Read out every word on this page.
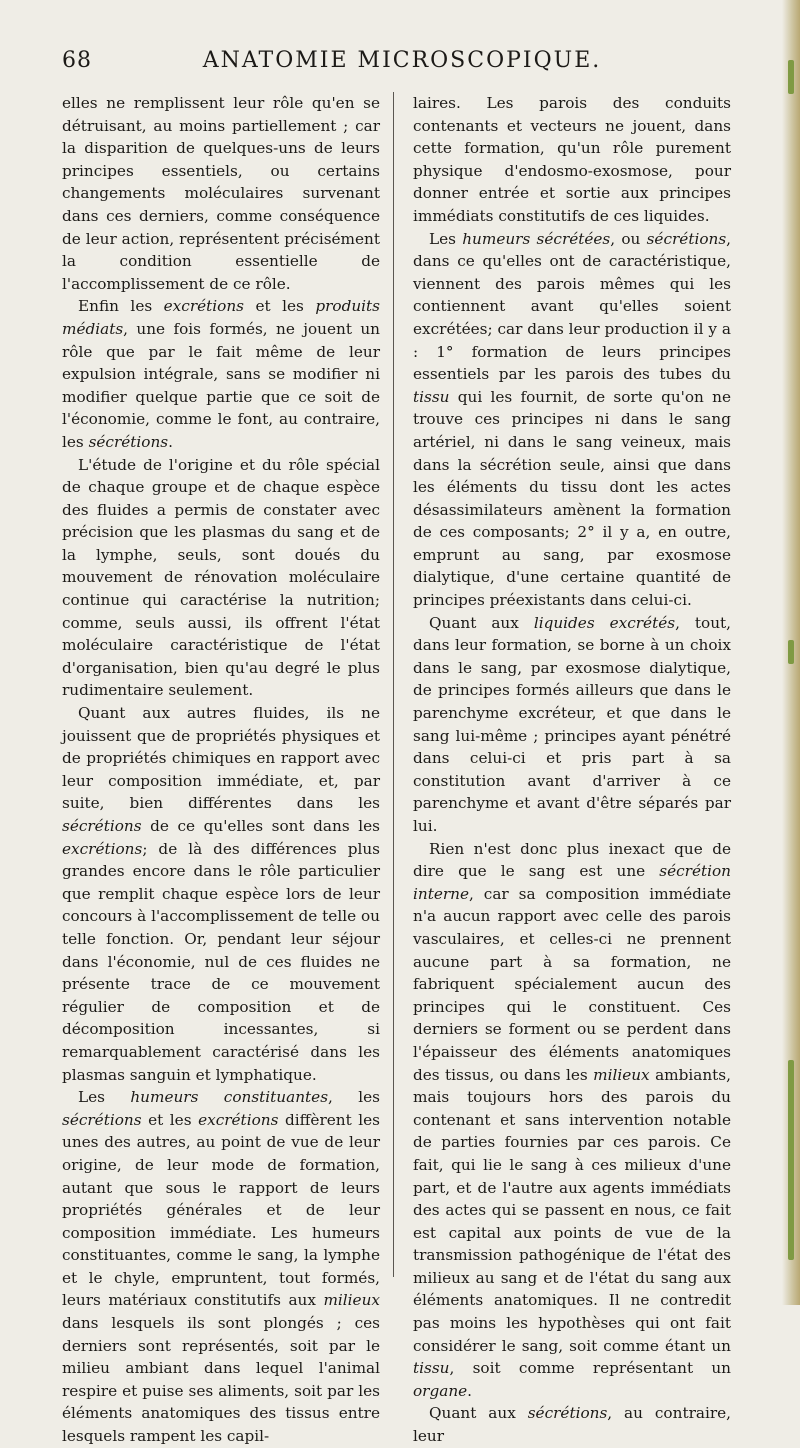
68	ANATOMIE MICROSCOPIQUE.

elles ne remplissent leur rôle qu'en se détruisant, au moins partiellement ; car la disparition de quelques-uns de leurs principes essentiels, ou certains changements moléculaires survenant dans ces derniers, comme conséquence de leur action, représentent précisément la condition essentielle de l'accomplissement de ce rôle.

Enfin les excrétions et les produits médiats, une fois formés, ne jouent un rôle que par le fait même de leur expulsion intégrale, sans se modifier ni modifier quelque partie que ce soit de l'économie, comme le font, au contraire, les sécrétions.

L'étude de l'origine et du rôle spécial de chaque groupe et de chaque espèce des fluides a permis de constater avec précision que les plasmas du sang et de la lymphe, seuls, sont doués du mouvement de rénovation moléculaire continue qui caractérise la nutrition; comme, seuls aussi, ils offrent l'état moléculaire caractéristique de l'état d'organisation, bien qu'au degré le plus rudimentaire seulement.

Quant aux autres fluides, ils ne jouissent que de propriétés physiques et de propriétés chimiques en rapport avec leur composition immédiate, et, par suite, bien différentes dans les sécrétions de ce qu'elles sont dans les excrétions; de là des différences plus grandes encore dans le rôle particulier que remplit chaque espèce lors de leur concours à l'accomplissement de telle ou telle fonction. Or, pendant leur séjour dans l'économie, nul de ces fluides ne présente trace de ce mouvement régulier de composition et de décomposition incessantes, si remarquablement caractérisé dans les plasmas sanguin et lymphatique.

Les humeurs constituantes, les sécrétions et les excrétions diffèrent les unes des autres, au point de vue de leur origine, de leur mode de formation, autant que sous le rapport de leurs propriétés générales et de leur composition immédiate. Les humeurs constituantes, comme le sang, la lymphe et le chyle, empruntent, tout formés, leurs matériaux constitutifs aux milieux dans lesquels ils sont plongés ; ces derniers sont représentés, soit par le milieu ambiant dans lequel l'animal respire et puise ses aliments, soit par les éléments anatomiques des tissus entre lesquels rampent les capil-

laires. Les parois des conduits contenants et vecteurs ne jouent, dans cette formation, qu'un rôle purement physique d'endosmo-exosmose, pour donner entrée et sortie aux principes immédiats constitutifs de ces liquides.

Les humeurs sécrétées, ou sécrétions, dans ce qu'elles ont de caractéristique, viennent des parois mêmes qui les contiennent avant qu'elles soient excrétées; car dans leur production il y a : 1° formation de leurs principes essentiels par les parois des tubes du tissu qui les fournit, de sorte qu'on ne trouve ces principes ni dans le sang artériel, ni dans le sang veineux, mais dans la sécrétion seule, ainsi que dans les éléments du tissu dont les actes désassimilateurs amènent la formation de ces composants; 2° il y a, en outre, emprunt au sang, par exosmose dialytique, d'une certaine quantité de principes préexistants dans celui-ci.

Quant aux liquides excrétés, tout, dans leur formation, se borne à un choix dans le sang, par exosmose dialytique, de principes formés ailleurs que dans le parenchyme excréteur, et que dans le sang lui-même ; principes ayant pénétré dans celui-ci et pris part à sa constitution avant d'arriver à ce parenchyme et avant d'être séparés par lui.

Rien n'est donc plus inexact que de dire que le sang est une sécrétion interne, car sa composition immédiate n'a aucun rapport avec celle des parois vasculaires, et celles-ci ne prennent aucune part à sa formation, ne fabriquent spécialement aucun des principes qui le constituent. Ces derniers se forment ou se perdent dans l'épaisseur des éléments anatomiques des tissus, ou dans les milieux ambiants, mais toujours hors des parois du contenant et sans intervention notable de parties fournies par ces parois. Ce fait, qui lie le sang à ces milieux d'une part, et de l'autre aux agents immédiats des actes qui se passent en nous, ce fait est capital aux points de vue de la transmission pathogénique de l'état des milieux au sang et de l'état du sang aux éléments anatomiques. Il ne contredit pas moins les hypothèses qui ont fait considérer le sang, soit comme étant un tissu, soit comme représentant un organe.

Quant aux sécrétions, au contraire, leur
